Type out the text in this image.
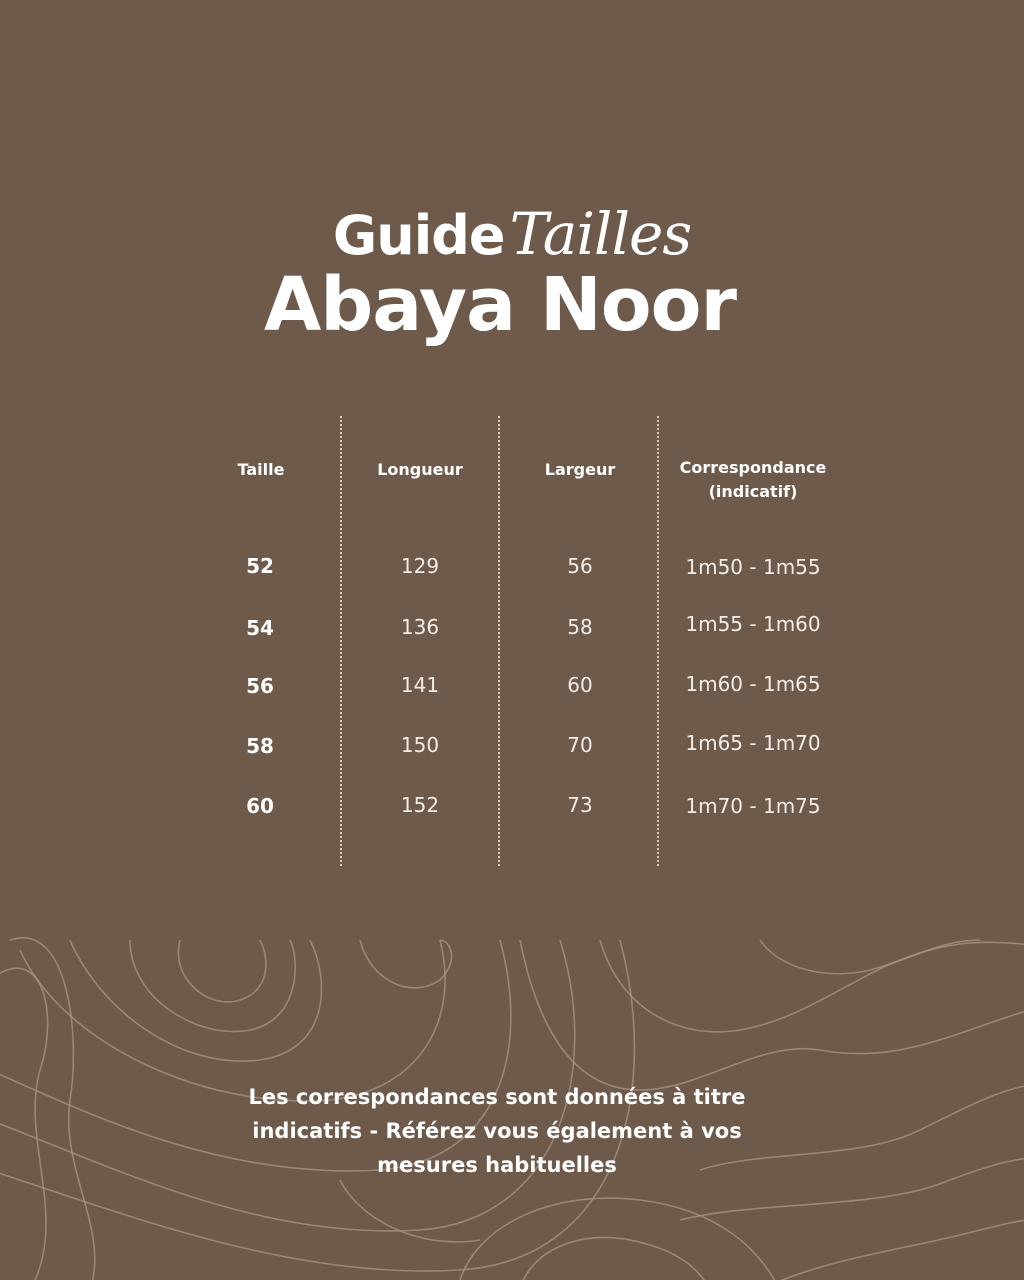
Guide Tailles
Abaya Noor
Taille	Longueur	Largeur	Correspondance
(indicatif)
52	129	56	1m50 - 1m55
54	136	58	1m55 - 1m60
56	141	60	1m60 - 1m65
58	150	70	1m65 - 1m70
60	152	73	1m70 - 1m75
Les correspondances sont données à titre indicatifs - Référez vous également à vos mesures habituelles
